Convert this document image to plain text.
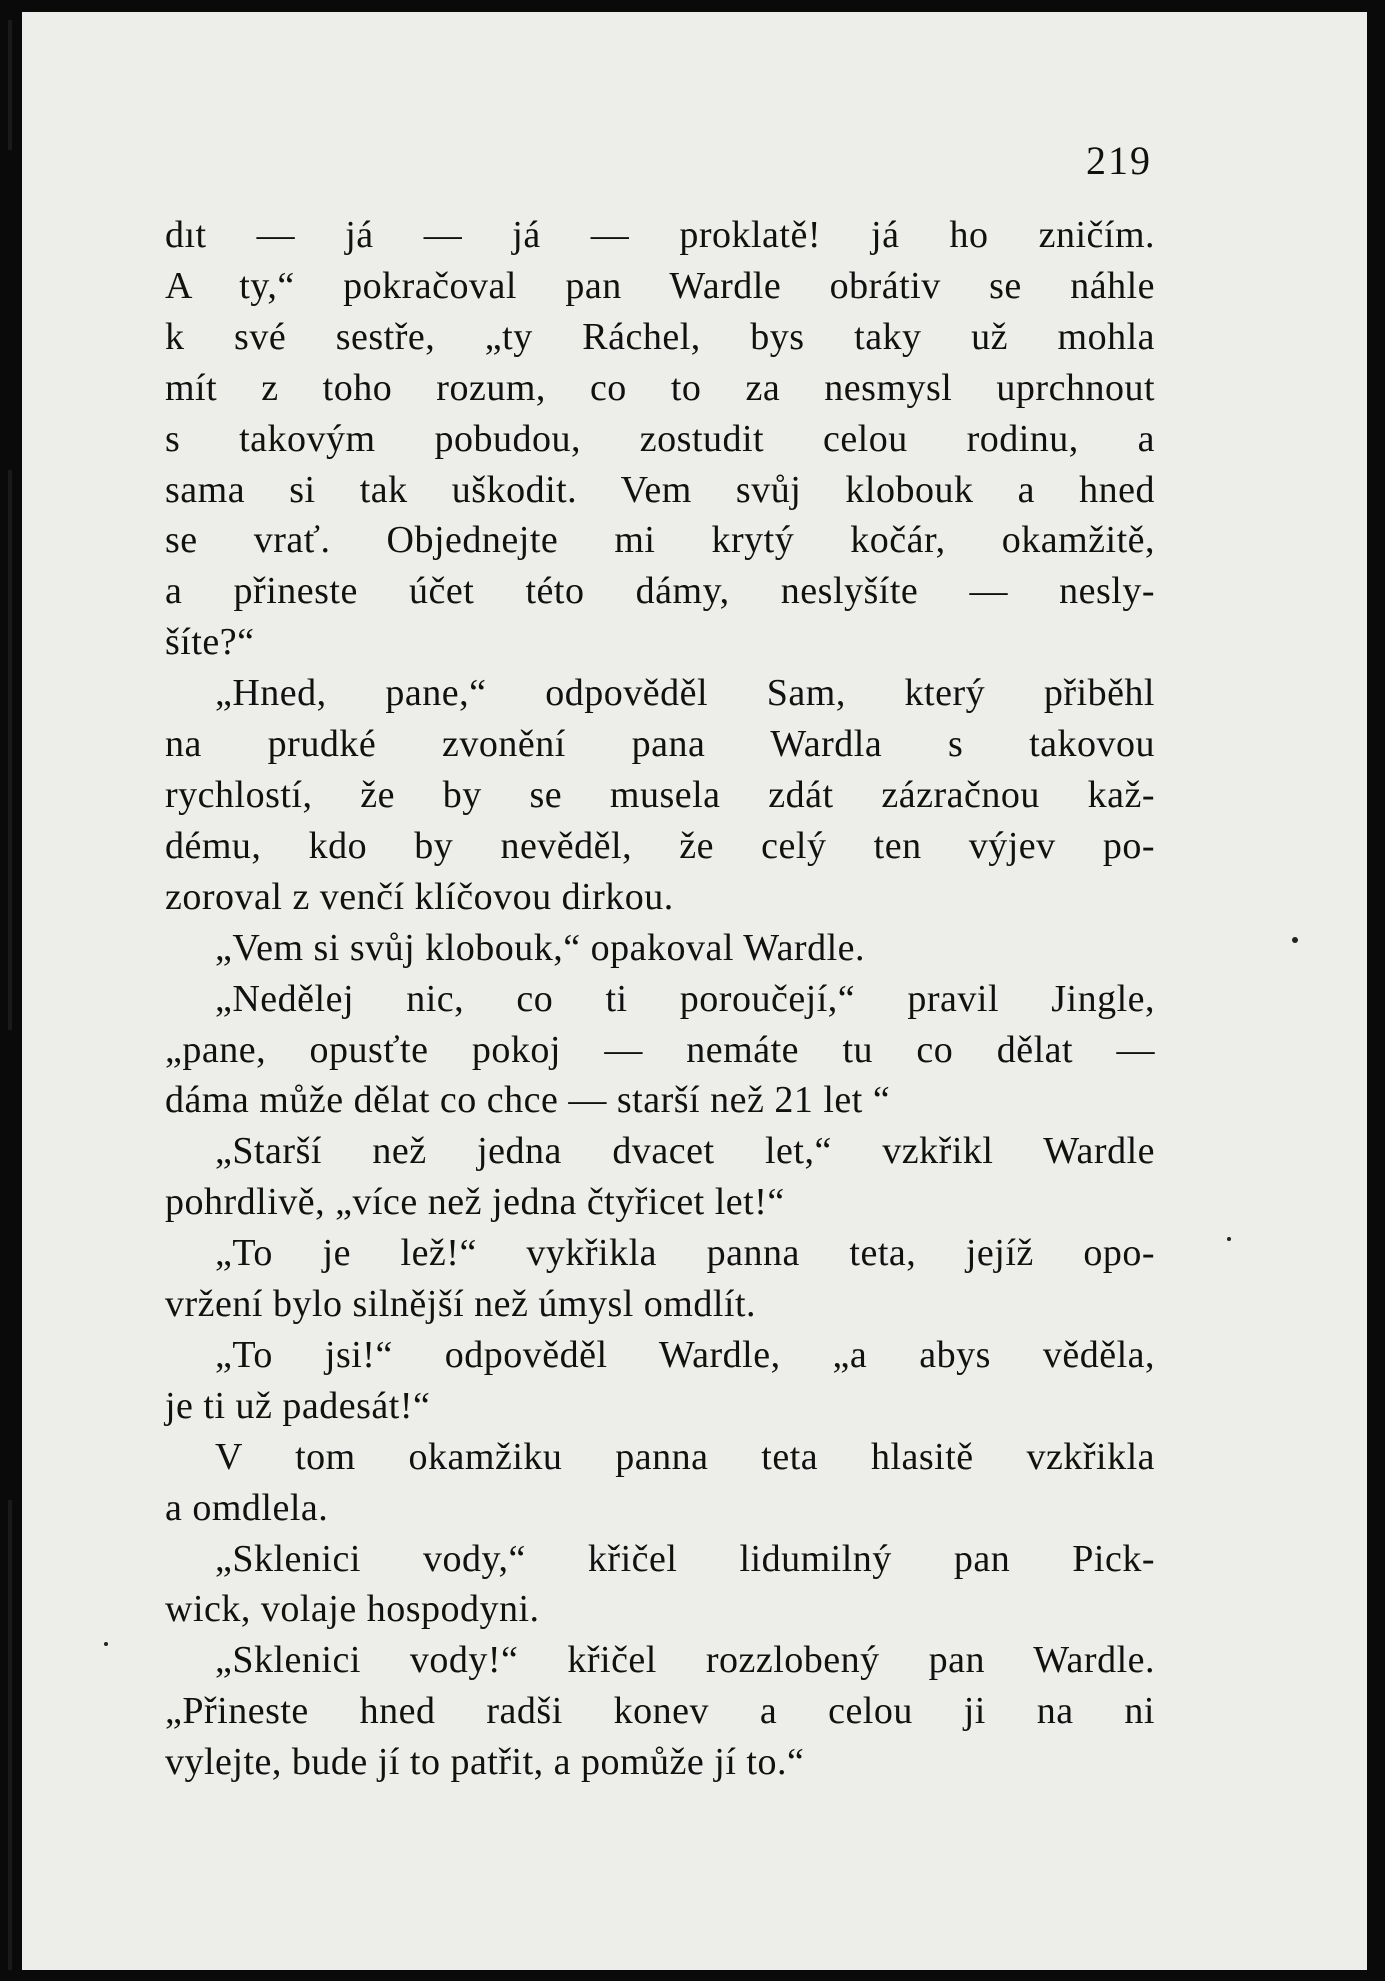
219
dıt — já — já — proklatě! já ho zničím.
A ty,“ pokračoval pan Wardle obrátiv se náhle
k své sestře, „ty Ráchel, bys taky už mohla
mít z toho rozum, co to za nesmysl uprchnout
s takovým pobudou, zostudit celou rodinu, a
sama si tak uškodit. Vem svůj klobouk a hned
se vrať. Objednejte mi krytý kočár, okamžitě,
a přineste účet této dámy, neslyšíte — nesly-
šíte?“
„Hned, pane,“ odpověděl Sam, který přiběhl
na prudké zvonění pana Wardla s takovou
rychlostí, že by se musela zdát zázračnou kaž-
dému, kdo by nevěděl, že celý ten výjev po-
zoroval z venčí klíčovou dirkou.
„Vem si svůj klobouk,“ opakoval Wardle.
„Nedělej nic, co ti poroučejí,“ pravil Jingle,
„pane, opusťte pokoj — nemáte tu co dělat —
dáma může dělat co chce — starší než 21 let “
„Starší než jedna dvacet let,“ vzkřikl Wardle
pohrdlivě, „více než jedna čtyřicet let!“
„To je lež!“ vykřikla panna teta, jejíž opo-
vržení bylo silnější než úmysl omdlít.
„To jsi!“ odpověděl Wardle, „a abys věděla,
je ti už padesát!“
V tom okamžiku panna teta hlasitě vzkřikla
a omdlela.
„Sklenici vody,“ křičel lidumilný pan Pick-
wick, volaje hospodyni.
„Sklenici vody!“ křičel rozzlobený pan Wardle.
„Přineste hned radši konev a celou ji na ni
vylejte, bude jí to patřit, a pomůže jí to.“
